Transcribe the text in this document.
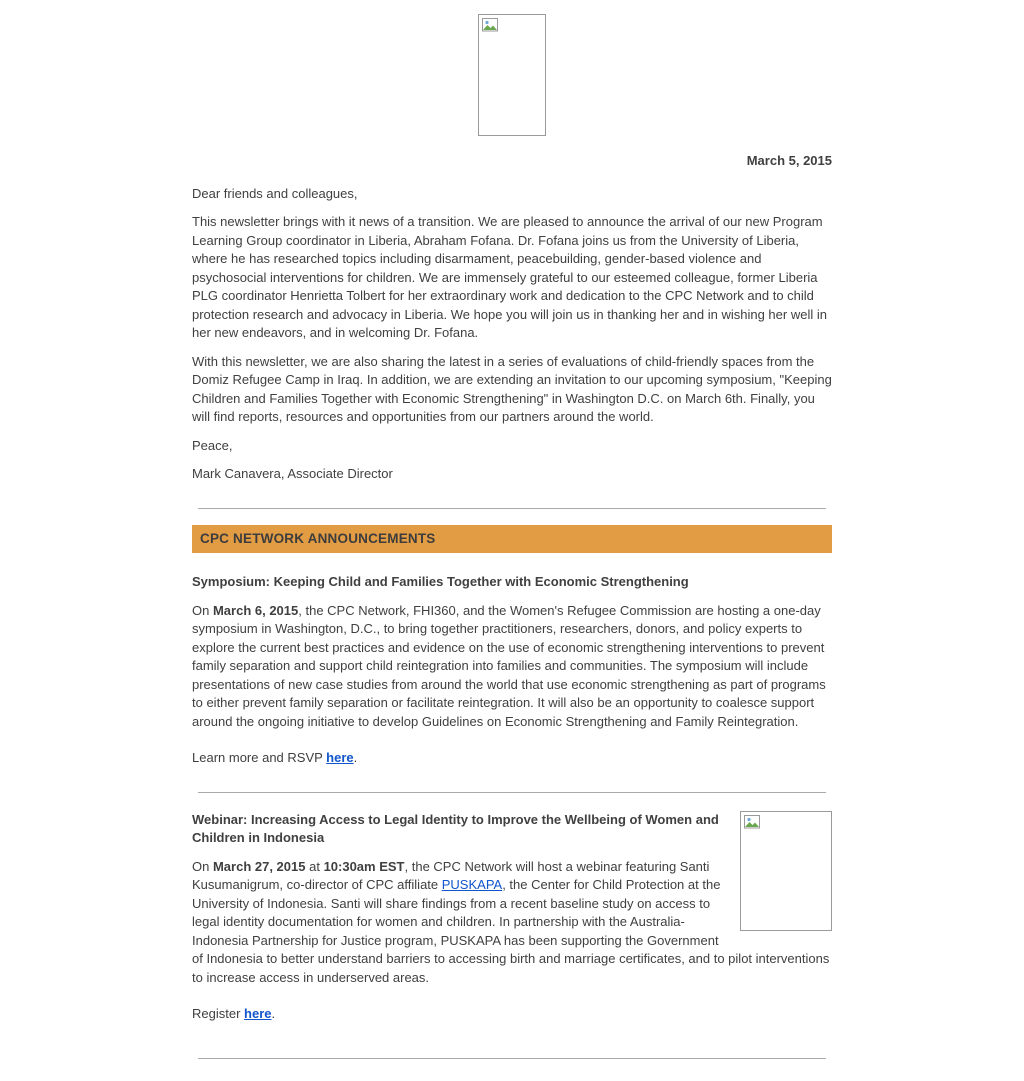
March 5, 2015

Dear friends and colleagues,

This newsletter brings with it news of a transition. We are pleased to announce the arrival of our new Program Learning Group coordinator in Liberia, Abraham Fofana. Dr. Fofana joins us from the University of Liberia, where he has researched topics including disarmament, peacebuilding, gender-based violence and psychosocial interventions for children. We are immensely grateful to our esteemed colleague, former Liberia PLG coordinator Henrietta Tolbert for her extraordinary work and dedication to the CPC Network and to child protection research and advocacy in Liberia. We hope you will join us in thanking her and in wishing her well in her new endeavors, and in welcoming Dr. Fofana.

With this newsletter, we are also sharing the latest in a series of evaluations of child-friendly spaces from the Domiz Refugee Camp in Iraq. In addition, we are extending an invitation to our upcoming symposium, "Keeping Children and Families Together with Economic Strengthening" in Washington D.C. on March 6th. Finally, you will find reports, resources and opportunities from our partners around the world.

Peace,

Mark Canavera, Associate Director

CPC NETWORK ANNOUNCEMENTS
Symposium: Keeping Child and Families Together with Economic Strengthening

On March 6, 2015, the CPC Network, FHI360, and the Women's Refugee Commission are hosting a one-day symposium in Washington, D.C., to bring together practitioners, researchers, donors, and policy experts to explore the current best practices and evidence on the use of economic strengthening interventions to prevent family separation and support child reintegration into families and communities. The symposium will include presentations of new case studies from around the world that use economic strengthening as part of programs to either prevent family separation or facilitate reintegration. It will also be an opportunity to coalesce support around the ongoing initiative to develop Guidelines on Economic Strengthening and Family Reintegration.

Learn more and RSVP here.

Webinar: Increasing Access to Legal Identity to Improve the Wellbeing of Women and Children in Indonesia

On March 27, 2015 at 10:30am EST, the CPC Network will host a webinar featuring Santi Kusumanigrum, co-director of CPC affiliate PUSKAPA, the Center for Child Protection at the University of Indonesia. Santi will share findings from a recent baseline study on access to legal identity documentation for women and children. In partnership with the Australia-Indonesia Partnership for Justice program, PUSKAPA has been supporting the Government of Indonesia to better understand barriers to accessing birth and marriage certificates, and to pilot interventions to increase access in underserved areas.

Register here.
